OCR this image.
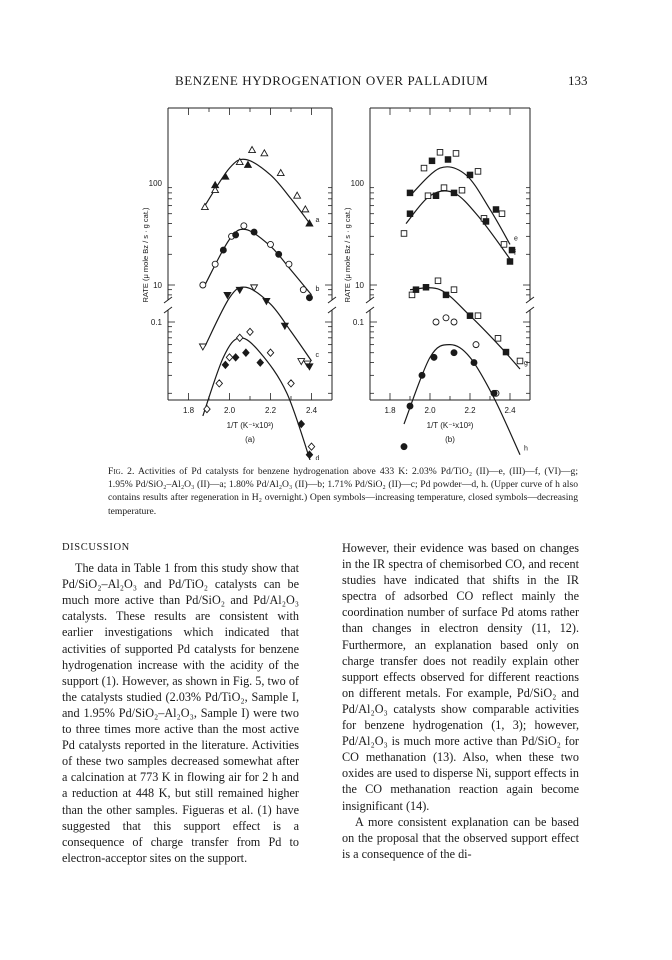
BENZENE HYDROGENATION OVER PALLADIUM	133
100
10
0.1
1.8	2.0	2.2	2.4
1/T (K⁻¹x10³)
(a)
RATE (μ mole Bz / s · g cat.)	a
b
c
d
100
10
0.1
1.8	2.0	2.2	2.4
1/T (K⁻¹x10³)
(b)
RATE (μ mole Bz / s · g cat.)	e
f
g
h
Fig. 2. Activities of Pd catalysts for benzene hydrogenation above 433 K: 2.03% Pd/TiO₂ (II)—e, (III)—f, (VI)—g; 1.95% Pd/SiO₂–Al₂O₃ (II)—a; 1.80% Pd/Al₂O₃ (II)—b; 1.71% Pd/SiO₂ (II)—c; Pd powder—d, h. (Upper curve of h also contains results after regeneration in H₂ overnight.) Open symbols—increasing temperature, closed symbols—decreasing temperature.

DISCUSSION

The data in Table 1 from this study show that Pd/SiO₂–Al₂O₃ and Pd/TiO₂ catalysts can be much more active than Pd/SiO₂ and Pd/Al₂O₃ catalysts. These results are consistent with earlier investigations which indicated that activities of supported Pd catalysts for benzene hydrogenation increase with the acidity of the support (1). However, as shown in Fig. 5, two of the catalysts studied (2.03% Pd/TiO₂, Sample I, and 1.95% Pd/SiO₂–Al₂O₃, Sample I) were two to three times more active than the most active Pd catalysts reported in the literature. Activities of these two samples decreased somewhat after a calcination at 773 K in flowing air for 2 h and a reduction at 448 K, but still remained higher than the other samples. Figueras et al. (1) have suggested that this support effect is a consequence of charge transfer from Pd to electron-acceptor sites on the support.

However, their evidence was based on changes in the IR spectra of chemisorbed CO, and recent studies have indicated that shifts in the IR spectra of adsorbed CO reflect mainly the coordination number of surface Pd atoms rather than changes in electron density (11, 12). Furthermore, an explanation based only on charge transfer does not readily explain other support effects observed for different reactions on different metals. For example, Pd/SiO₂ and Pd/Al₂O₃ catalysts show comparable activities for benzene hydrogenation (1, 3); however, Pd/Al₂O₃ is much more active than Pd/SiO₂ for CO methanation (13). Also, when these two oxides are used to disperse Ni, support effects in the CO methanation reaction again become insignificant (14).

A more consistent explanation can be based on the proposal that the observed support effect is a consequence of the di-
